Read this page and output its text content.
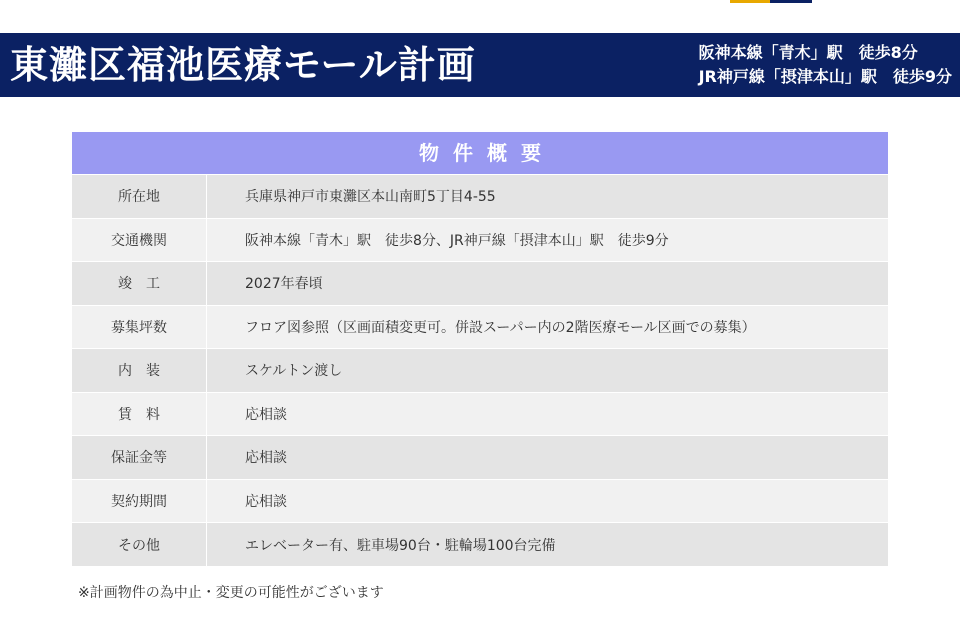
東灘区福池医療モール計画	阪神本線「青木」駅　徒歩8分
JR神戸線「摂津本山」駅　徒歩9分
物件概要
所在地	兵庫県神戸市東灘区本山南町5丁目4-55
交通機関	阪神本線「青木」駅　徒歩8分、JR神戸線「摂津本山」駅　徒歩9分
竣　工	2027年春頃
募集坪数	フロア図参照（区画面積変更可。併設スーパー内の2階医療モール区画での募集）
内　装	スケルトン渡し
賃　料	応相談
保証金等	応相談
契約期間	応相談
その他	エレベーター有、駐車場90台・駐輪場100台完備
※計画物件の為中止・変更の可能性がございます
